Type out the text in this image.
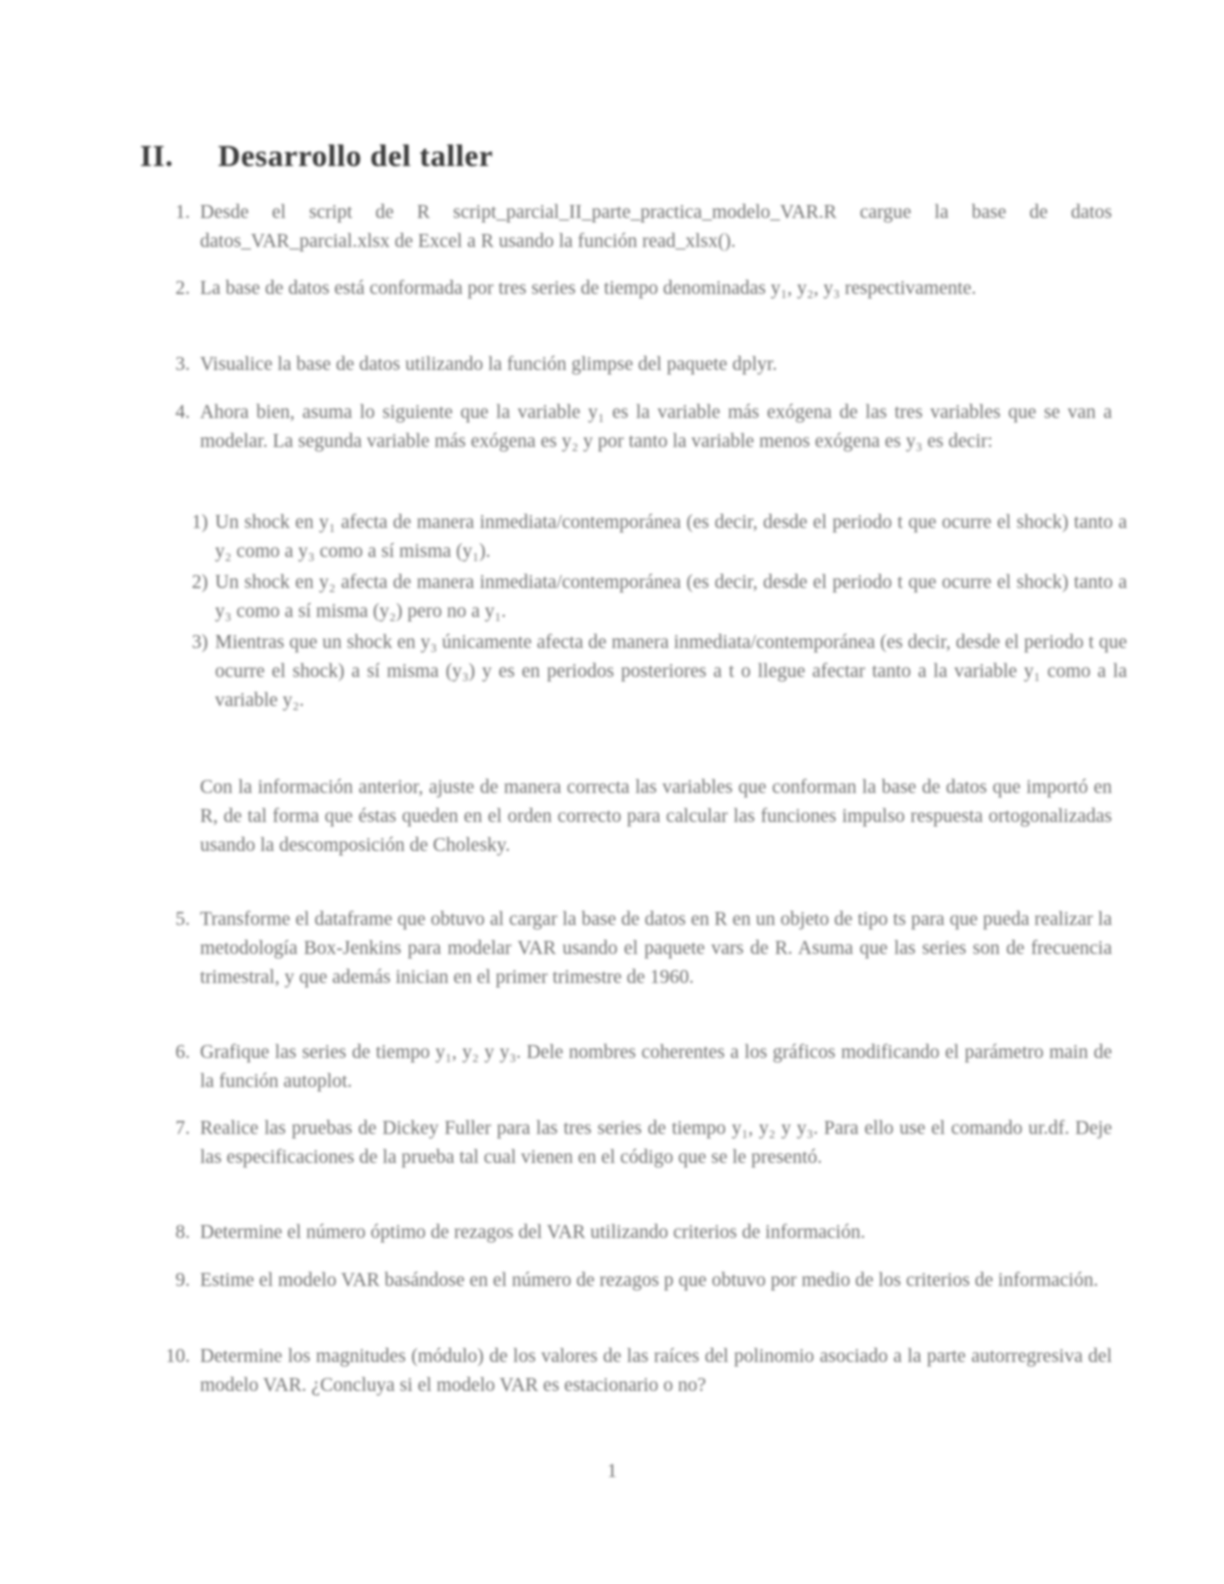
II. Desarrollo del taller
1. Desde el script de R script_parcial_II_parte_practica_modelo_VAR.R cargue la base de datos datos_VAR_parcial.xlsx de Excel a R usando la función read_xlsx().
2. La base de datos está conformada por tres series de tiempo denominadas y₁, y₂, y₃ respectivamente.
3. Visualice la base de datos utilizando la función glimpse del paquete dplyr.
4. Ahora bien, asuma lo siguiente que la variable y₁ es la variable más exógena de las tres variables que se van a modelar. La segunda variable más exógena es y₂ y por tanto la variable menos exógena es y₃ es decir:
1) Un shock en y₁ afecta de manera inmediata/contemporánea (es decir, desde el periodo t que ocurre el shock) tanto a y₂ como a y₃ como a sí misma (y₁).
2) Un shock en y₂ afecta de manera inmediata/contemporánea (es decir, desde el periodo t que ocurre el shock) tanto a y₃ como a sí misma (y₂) pero no a y₁.
3) Mientras que un shock en y₃ únicamente afecta de manera inmediata/contemporánea (es decir, desde el periodo t que ocurre el shock) a sí misma (y₃) y es en periodos posteriores a t o llegue afectar tanto a la variable y₁ como a la variable y₂.
Con la información anterior, ajuste de manera correcta las variables que conforman la base de datos que importó en R, de tal forma que éstas queden en el orden correcto para calcular las funciones impulso respuesta ortogonalizadas usando la descomposición de Cholesky.
5. Transforme el dataframe que obtuvo al cargar la base de datos en R en un objeto de tipo ts para que pueda realizar la metodología Box-Jenkins para modelar VAR usando el paquete vars de R. Asuma que las series son de frecuencia trimestral, y que además inician en el primer trimestre de 1960.
6. Grafique las series de tiempo y₁, y₂ y y₃. Dele nombres coherentes a los gráficos modificando el parámetro main de la función autoplot.
7. Realice las pruebas de Dickey Fuller para las tres series de tiempo y₁, y₂ y y₃. Para ello use el comando ur.df. Deje las especificaciones de la prueba tal cual vienen en el código que se le presentó.
8. Determine el número óptimo de rezagos del VAR utilizando criterios de información.
9. Estime el modelo VAR basándose en el número de rezagos p que obtuvo por medio de los criterios de información.
10. Determine los magnitudes (módulo) de los valores de las raíces del polinomio asociado a la parte autorregresiva del modelo VAR. ¿Concluya si el modelo VAR es estacionario o no?
1
